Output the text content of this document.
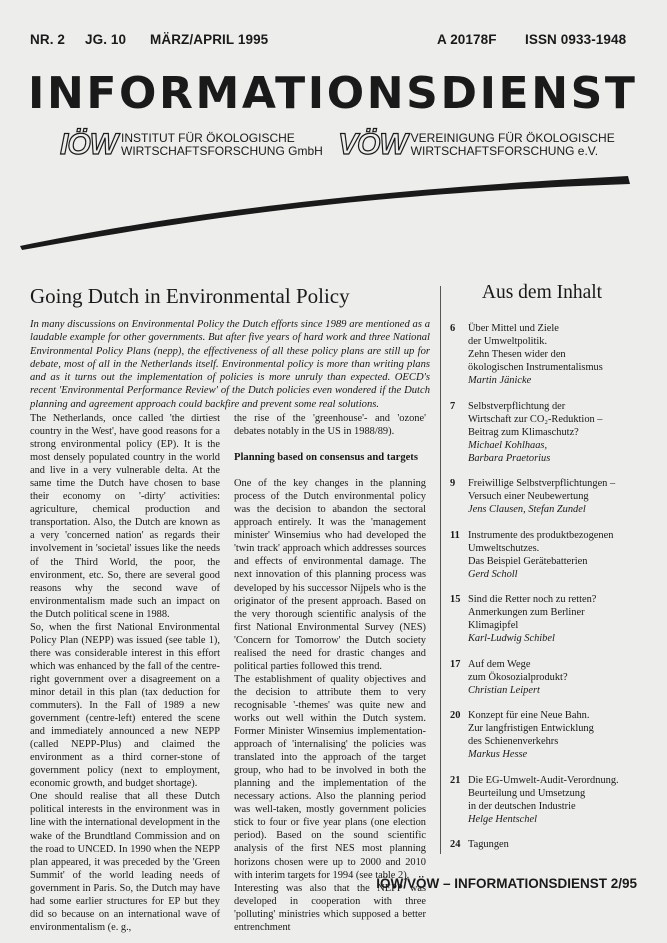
NR. 2 JG. 10 MÄRZ/APRIL 1995	A 20178F ISSN 0933-1948
INFORMATIONSDIENST
IÖW INSTITUT FÜR ÖKOLOGISCHE
WIRTSCHAFTSFORSCHUNG GmbH VÖW VEREINIGUNG FÜR ÖKOLOGISCHE
WIRTSCHAFTSFORSCHUNG e.V.
Going Dutch in Environmental Policy
In many discussions on Environmental Policy the Dutch efforts since 1989 are mentioned as a laudable example for other governments. But after five years of hard work and three National Environmental Policy Plans (nepp), the effectiveness of all these policy plans are still up for debate, most of all in the Netherlands itself. Environmental policy is more than writing plans and as it turns out the implementation of policies is more unruly than expected. OECD's recent 'Environmental Performance Review' of the Dutch policies even wondered if the Dutch planning and agreement approach could backfire and prevent some real solutions.

The Netherlands, once called 'the dirtiest country in the West', have good reasons for a strong environmental policy (EP). It is the most densely populated country in the world and live in a very vulnerable delta. At the same time the Dutch have chosen to base their economy on '-dirty' activities: agriculture, chemical production and transportation. Also, the Dutch are known as a very 'concerned nation' as regards their involvement in 'societal' issues like the needs of the Third World, the poor, the environment, etc. So, there are several good reasons why the second wave of environmentalism made such an impact on the Dutch political scene in 1988.

So, when the first National Environmental Policy Plan (NEPP) was issued (see table 1), there was considerable interest in this effort which was enhanced by the fall of the centre-right government over a disagreement on a minor detail in this plan (tax deduction for commuters). In the Fall of 1989 a new government (centre-left) entered the scene and immediately announced a new NEPP (called NEPP-Plus) and claimed the environment as a third corner-stone of government policy (next to employment, economic growth, and budget shortage).

One should realise that all these Dutch political interests in the environment was in line with the international development in the wake of the Brundtland Commission and on the road to UNCED. In 1990 when the NEPP plan appeared, it was preceded by the 'Green Summit' of the world leading needs of government in Paris. So, the Dutch may have had some earlier structures for EP but they did so because on an international wave of environmentalism (e. g.,

the rise of the 'greenhouse'- and 'ozone' debates notably in the US in 1988/89).

Planning based on consensus and targets

One of the key changes in the planning process of the Dutch environmental policy was the decision to abandon the sectoral approach entirely. It was the 'management minister' Winsemius who had developed the 'twin track' approach which addresses sources and effects of environmental damage. The next innovation of this planning process was developed by his successor Nijpels who is the originator of the present approach. Based on the very thorough scientific analysis of the first National Environmental Survey (NES) 'Concern for Tomorrow' the Dutch society realised the need for drastic changes and political parties followed this trend.

The establishment of quality objectives and the decision to attribute them to very recognisable '-themes' was quite new and works out well within the Dutch system. Former Minister Winsemius implementation-approach of 'internalising' the policies was translated into the approach of the target group, who had to be involved in both the planning and the implementation of the necessary actions. Also the planning period was well-taken, mostly government policies stick to four or five year plans (one election period). Based on the sound scientific analysis of the first NES most planning horizons chosen were up to 2000 and 2010 with interim targets for 1994 (see table 2).

Interesting was also that the NEPP was developed in cooperation with three 'polluting' ministries which supposed a better entrenchment

Aus dem Inhalt
6	Über Mittel und Ziele
der Umweltpolitik.
Zehn Thesen wider den
ökologischen Instrumentalismus
Martin Jänicke
7	Selbstverpflichtung der
Wirtschaft zur CO₂-Reduktion –
Beitrag zum Klimaschutz?
Michael Kohlhaas,
Barbara Praetorius
9	Freiwillige Selbstverpflichtungen –
Versuch einer Neubewertung
Jens Clausen, Stefan Zundel
11 Instrumente des produktbezogenen
Umweltschutzes.
Das Beispiel Gerätebatterien
Gerd Scholl
15 Sind die Retter noch zu retten?
Anmerkungen zum Berliner
Klimagipfel
Karl-Ludwig Schibel
17 Auf dem Wege
zum Ökosozialprodukt?
Christian Leipert
20 Konzept für eine Neue Bahn.
Zur langfristigen Entwicklung
des Schienenverkehrs
Markus Hesse
21 Die EG-Umwelt-Audit-Verordnung.
Beurteilung und Umsetzung
in der deutschen Industrie
Helge Hentschel
24 Tagungen
IÖW/VÖW – INFORMATIONSDIENST 2/95
